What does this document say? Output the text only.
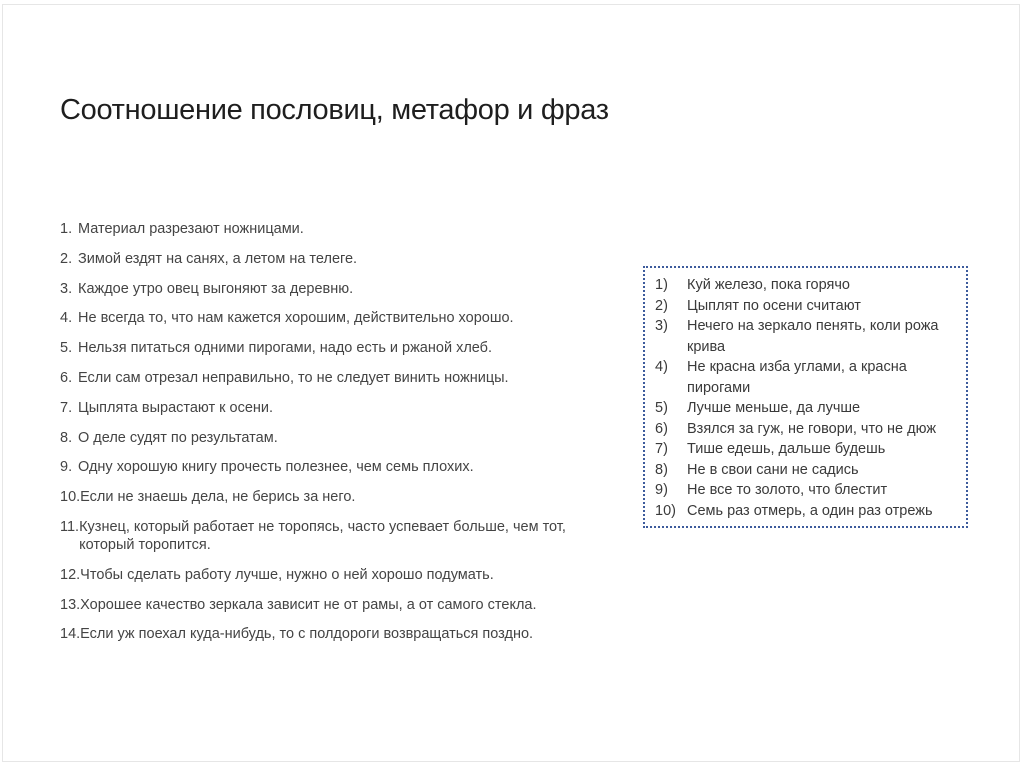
Соотношение пословиц, метафор и фраз
1. Материал разрезают ножницами.
2. Зимой ездят на санях, а летом на телеге.
3. Каждое утро овец выгоняют за деревню.
4. Не всегда то, что нам кажется хорошим, действительно хорошо.
5. Нельзя питаться одними пирогами, надо есть и ржаной хлеб.
6. Если сам отрезал неправильно, то не следует винить ножницы.
7. Цыплята вырастают к осени.
8. О деле судят по результатам.
9. Одну хорошую книгу прочесть полезнее, чем семь плохих.
10. Если не знаешь дела, не берись за него.
11. Кузнец, который работает не торопясь, часто успевает больше, чем тот, который торопится.
12. Чтобы сделать работу лучше, нужно о ней хорошо подумать.
13. Хорошее качество зеркала зависит не от рамы, а от самого стекла.
14. Если уж поехал куда-нибудь, то с полдороги возвращаться поздно.
1)	Куй железо, пока горячо
2)	Цыплят по осени считают
3)	Нечего на зеркало пенять, коли рожа крива
4)	Не красна изба углами, а красна пирогами
5)	Лучше меньше, да лучше
6)	Взялся за гуж, не говори, что не дюж
7)	Тише едешь, дальше будешь
8)	Не в свои сани не садись
9)	Не все то золото, что блестит
10) Семь раз отмерь, а один раз отрежь
